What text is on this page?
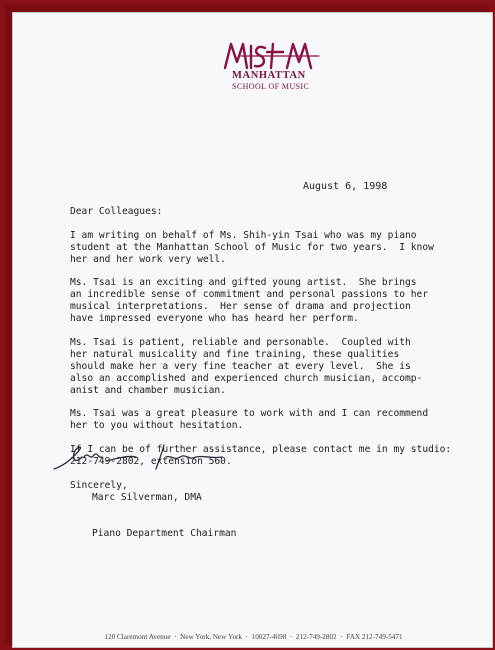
MANHATTAN
SCHOOL OF MUSIC
August 6, 1998

Dear Colleagues:

I am writing on behalf of Ms. Shih-yin Tsai who was my piano
student at the Manhattan School of Music for two years.  I know
her and her work very well.

Ms. Tsai is an exciting and gifted young artist.  She brings
an incredible sense of commitment and personal passions to her
musical interpretations.  Her sense of drama and projection
have impressed everyone who has heard her perform.

Ms. Tsai is patient, reliable and personable.  Coupled with
her natural musicality and fine training, these qualities
should make her a very fine teacher at every level.  She is
also an accomplished and experienced church musician, accomp-
anist and chamber musician.

Ms. Tsai was a great pleasure to work with and I can recommend
her to you without hesitation.

If I can be of further assistance, please contact me in my studio:
212-749-2802, extension 560.

Sincerely,

Marc Silverman, DMA

Piano Department Chairman

120 Claremont Avenue  ·  New York, New York  ·  10027-4698  ·  212-749-2802  ·  FAX 212-749-5471
